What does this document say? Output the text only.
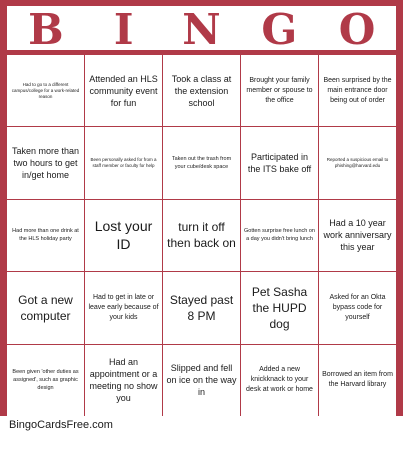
B	I	N G O
Had to go to a different campus/college for a work-related reason
Attended an HLS community event for fun
Took a class at the extension school
Brought your family member or spouse to the office
Been surprised by the main entrance door being out of order
Taken more than two hours to get in/get home
Been personally asked for from a staff member or faculty for help
Taken out the trash from your cube/desk space
Participated in the ITS bake off
Reported a suspicious email to phishing@harvard.edu
Had more than one drink at the HLS holiday party
Lost your ID
turn it off then back on
Gotten surprise free lunch on a day you didn't bring lunch
Had a 10 year work anniversary this year
Got a new computer
Had to get in late or leave early because of your kids
Stayed past 8 PM
Pet Sasha the HUPD dog
Asked for an Okta bypass code for yourself
Been given 'other duties as assigned', such as graphic design
Had an appointment or a meeting no show you
Slipped and fell on ice on the way in
Added a new knickknack to your desk at work or home
Borrowed an item from the Harvard library
BingoCardsFree.com
